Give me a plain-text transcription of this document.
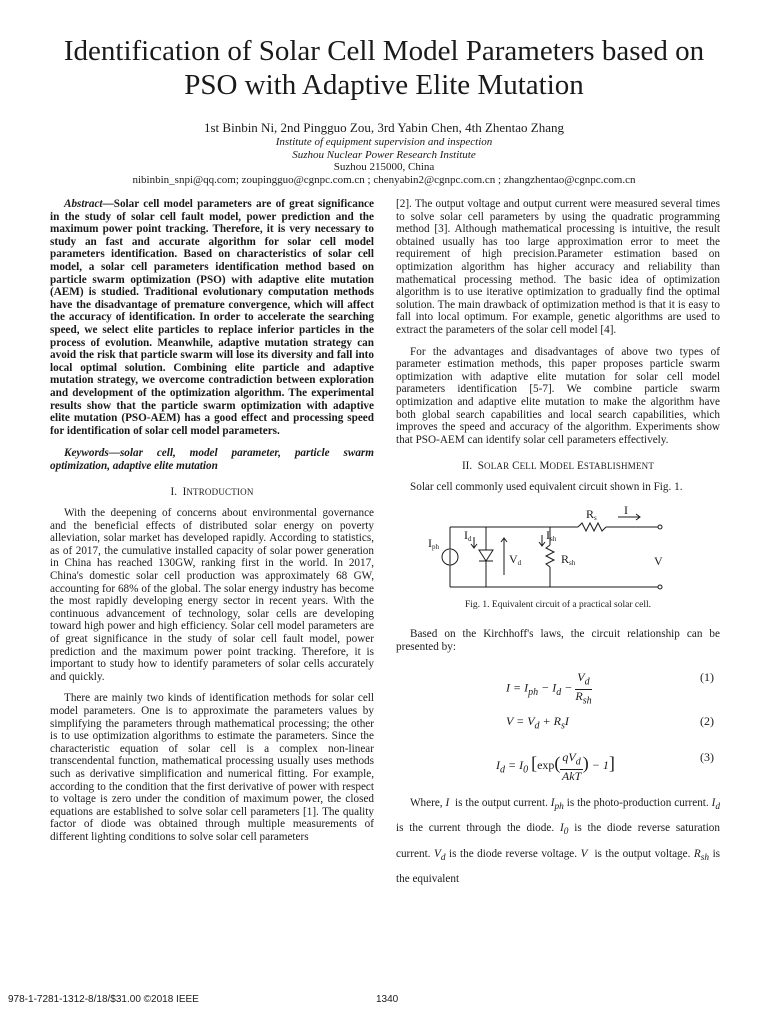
Identification of Solar Cell Model Parameters based on PSO with Adaptive Elite Mutation
1st Binbin Ni, 2nd Pingguo Zou, 3rd Yabin Chen, 4th Zhentao Zhang
Institute of equipment supervision and inspection
Suzhou Nuclear Power Research Institute
Suzhou 215000, China
nibinbin_snpi@qq.com; zoupingguo@cgnpc.com.cn ; chenyabin2@cgnpc.com.cn ; zhangzhentao@cgnpc.com.cn

Abstract—Solar cell model parameters are of great significance in the study of solar cell fault model, power prediction and the maximum power point tracking. Therefore, it is very necessary to study an fast and accurate algorithm for solar cell model parameters identification. Based on characteristics of solar cell model, a solar cell parameters identification method based on particle swarm optimization (PSO) with adaptive elite mutation (AEM) is studied. Traditional evolutionary computation methods have the disadvantage of premature convergence, which will affect the accuracy of identification. In order to accelerate the searching speed, we select elite particles to replace inferior particles in the process of evolution. Meanwhile, adaptive mutation strategy can avoid the risk that particle swarm will lose its diversity and fall into local optimal solution. Combining elite particle and adaptive mutation strategy, we overcome contradiction between exploration and development of the optimization algorithm. The experimental results show that the particle swarm optimization with adaptive elite mutation (PSO-AEM) has a good effect and processing speed for identification of solar cell model parameters.

Keywords—solar cell, model parameter, particle swarm optimization, adaptive elite mutation

I. INTRODUCTION

With the deepening of concerns about environmental governance and the beneficial effects of distributed solar energy on poverty alleviation, solar market has developed rapidly. According to statistics, as of 2017, the cumulative installed capacity of solar power generation in China has reached 130GW, ranking first in the world. In 2017, China's domestic solar cell production was approximately 68 GW, accounting for 68% of the global. The solar energy industry has become the most rapidly developing energy sector in recent years. With the continuous advancement of technology, solar cells are developing toward high power and high efficiency. Solar cell model parameters are of great significance in the study of solar cell fault model, power prediction and the maximum power point tracking. Therefore, it is important to study how to identify parameters of solar cells accurately and quickly.

There are mainly two kinds of identification methods for solar cell model parameters. One is to approximate the parameters values by simplifying the parameters through mathematical processing; the other is to use optimization algorithms to estimate the parameters. Since the characteristic equation of solar cell is a complex non-linear transcendental function, mathematical processing usually uses methods such as derivative simplification and numerical fitting. For example, according to the condition that the first derivative of power with respect to voltage is zero under the condition of maximum power, the closed equations are established to solve solar cell parameters [1]. The quality factor of diode was obtained through multiple measurements of different lighting conditions to solve solar cell parameters

[2]. The output voltage and output current were measured several times to solve solar cell parameters by using the quadratic programming method [3]. Although mathematical processing is intuitive, the result obtained usually has too large approximation error to meet the requirement of high precision.Parameter estimation based on optimization algorithm has higher accuracy and reliability than mathematical processing method. The basic idea of optimization algorithm is to use iterative optimization to gradually find the optimal solution. The main drawback of optimization method is that it is easy to fall into local optimum. For example, genetic algorithms are used to extract the parameters of the solar cell model [4].

For the advantages and disadvantages of above two types of parameter estimation methods, this paper proposes particle swarm optimization with adaptive elite mutation for solar cell model parameters identification [5-7]. We combine particle swarm optimization and adaptive elite mutation to make the algorithm have both global search capabilities and local search capabilities, which improves the speed and accuracy of the algorithm. Experiments show that PSO-AEM can identify solar cell parameters effectively.

II. SOLAR CELL MODEL ESTABLISHMENT

Solar cell commonly used equivalent circuit shown in Fig. 1.

Iph
Id
Vd
Ish
Rsh
Rs
I
V
Fig. 1. Equivalent circuit of a practical solar cell.

Based on the Kirchhoff's laws, the circuit relationship can be presented by:

$I = I_{ph} - I_d - \frac{V_d}{R_{sh}}$	(1)
$V = V_d + R_sI$	(2)
$I_d = I_0$ [$\exp( \frac{qV_d}{\text{AkT}}$ ) − 1]	(3)

Where, I is the output current. $I_{ph}$ is the photo-production current. $I_d$ is the current through the diode. $I_0$ is the diode reverse saturation current. $V_d$ is the diode reverse voltage. V is the output voltage. $R_{sh}$ is the equivalent

978-1-7281-1312-8/18/$31.00 ©2018 IEEE	1340
